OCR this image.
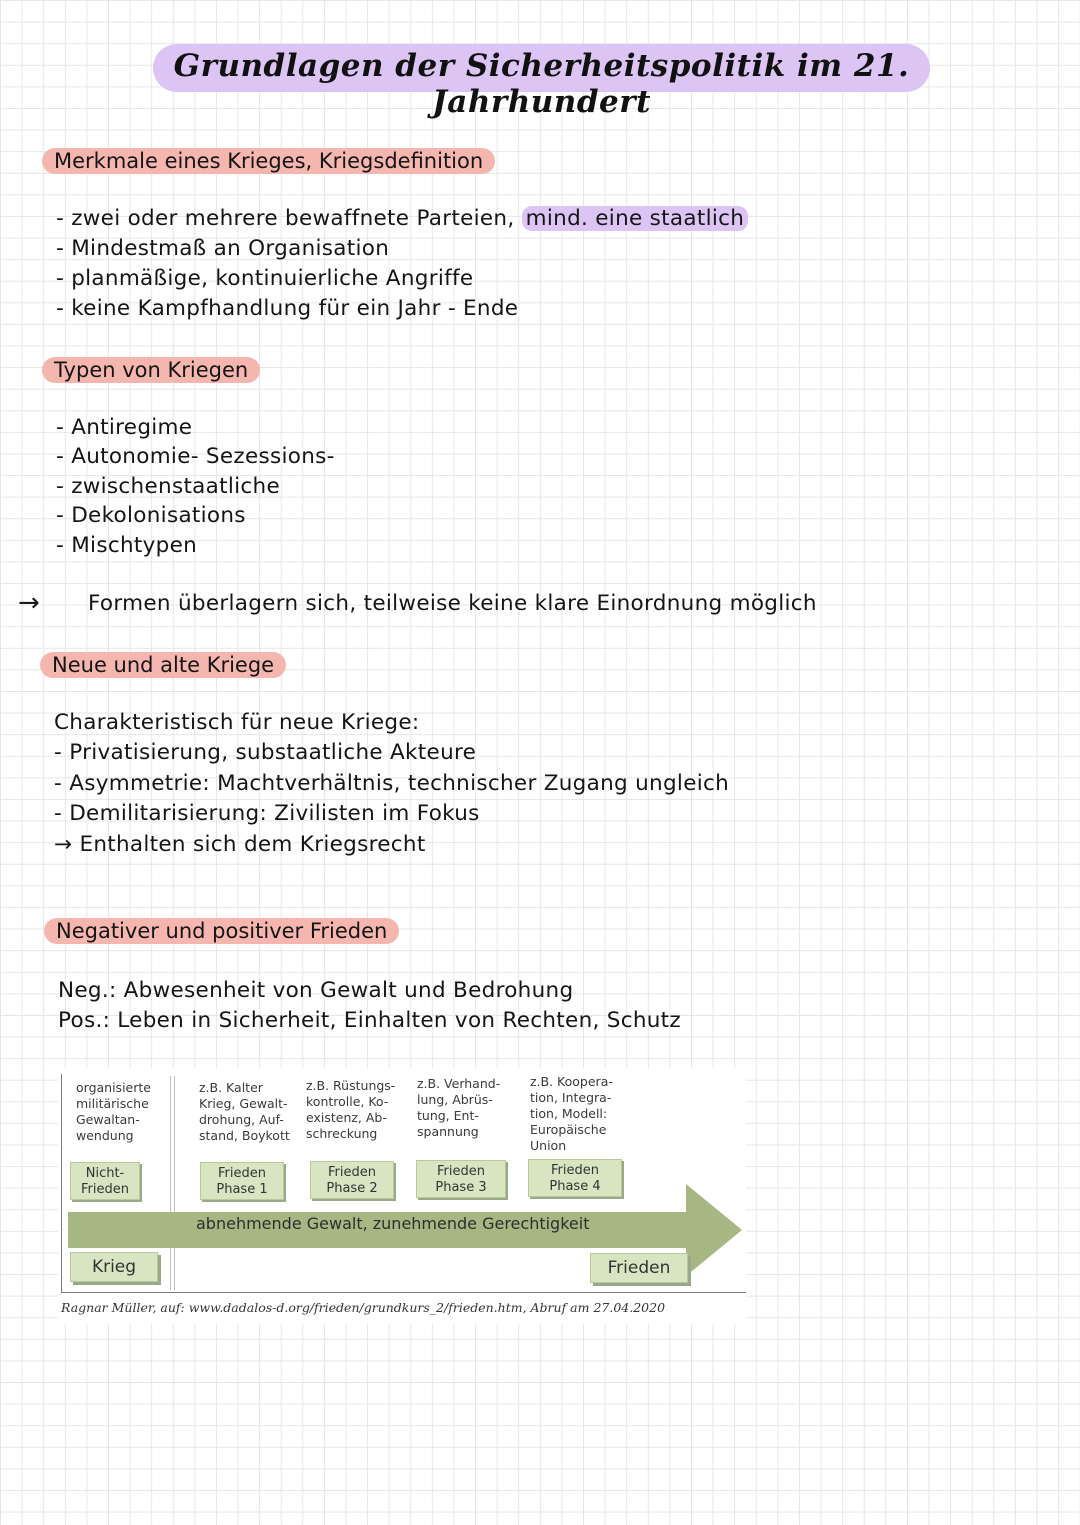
Grundlagen der Sicherheitspolitik im 21. Jahrhundert
Merkmale eines Krieges, Kriegsdefinition
- zwei oder mehrere bewaffnete Parteien, mind. eine staatlich
- Mindestmaß an Organisation
- planmäßige, kontinuierliche Angriffe
- keine Kampfhandlung für ein Jahr - Ende
Typen von Kriegen
- Antiregime
- Autonomie- Sezessions-
- zwischenstaatliche
- Dekolonisations
- Mischtypen
→ Formen überlagern sich, teilweise keine klare Einordnung möglich
Neue und alte Kriege
Charakteristisch für neue Kriege:
- Privatisierung, substaatliche Akteure
- Asymmetrie: Machtverhältnis, technischer Zugang ungleich
- Demilitarisierung: Zivilisten im Fokus
→ Enthalten sich dem Kriegsrecht
Negativer und positiver Frieden
Neg.: Abwesenheit von Gewalt und Bedrohung
Pos.: Leben in Sicherheit, Einhalten von Rechten, Schutz
organisierte
militärische
Gewaltan-
wendung
Nicht-
Frieden
z.B. Kalter
Krieg, Gewalt-
drohung, Auf-
stand, Boykott
Frieden
Phase 1
z.B. Rüstungs-
kontrolle, Ko-
existenz, Ab-
schreckung
Frieden
Phase 2
z.B. Verhand-
lung, Abrüs-
tung, Ent-
spannung
Frieden
Phase 3
z.B. Koopera-
tion, Integra-
tion, Modell:
Europäische
Union
Frieden
Phase 4
abnehmende Gewalt, zunehmende Gerechtigkeit
Krieg	Frieden
Ragnar Müller, auf: www.dadalos-d.org/frieden/grundkurs_2/frieden.htm, Abruf am 27.04.2020
